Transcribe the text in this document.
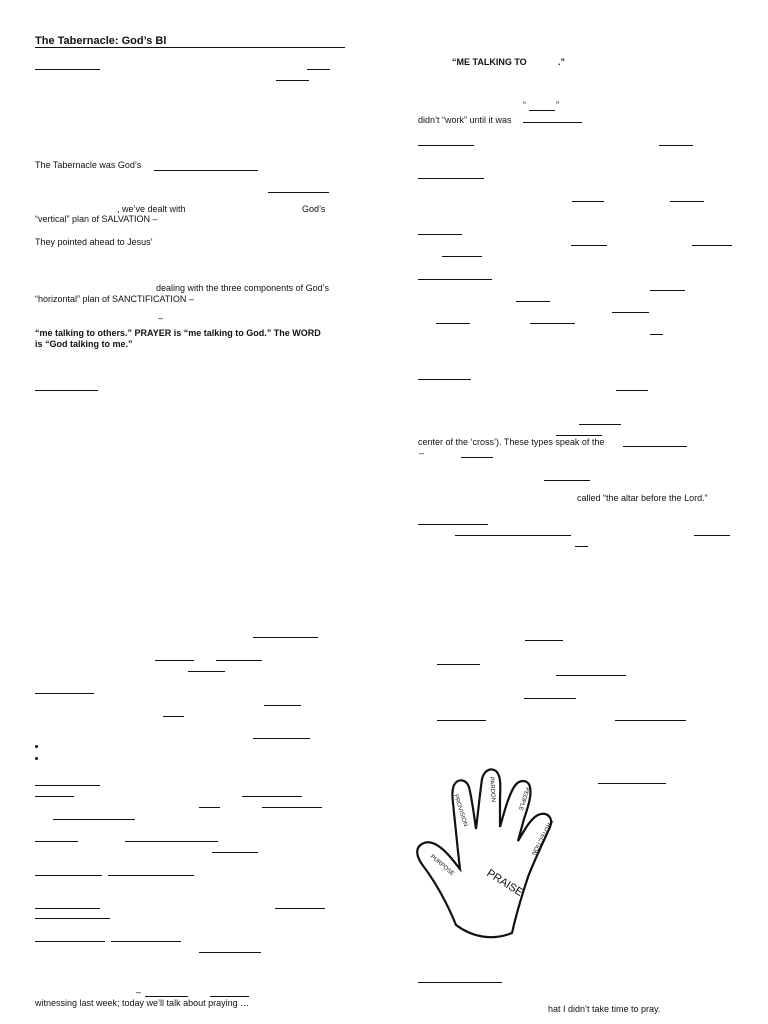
The Tabernacle: God’s Bl
The Tabernacle was God’s
, we’ve dealt with	God’s
“vertical” plan of SALVATION –
They pointed ahead to Jesus’
dealing with the three components of God’s
“horizontal” plan of SANCTIFICATION –
–
“me talking to others.” PRAYER is “me talking to God.” The WORD
is “God talking to me.”
–
witnessing last week; today we’ll talk about praying …
“ME TALKING TO	.”
“	”
didn’t “work” until it was
center of the ‘cross’). These types speak of the
–
called “the altar before the Lord.”
PURPOSE
PROVISION
PARDON	PEOPLE
PROTECTION
PRAISE
hat I didn’t take time to pray.
